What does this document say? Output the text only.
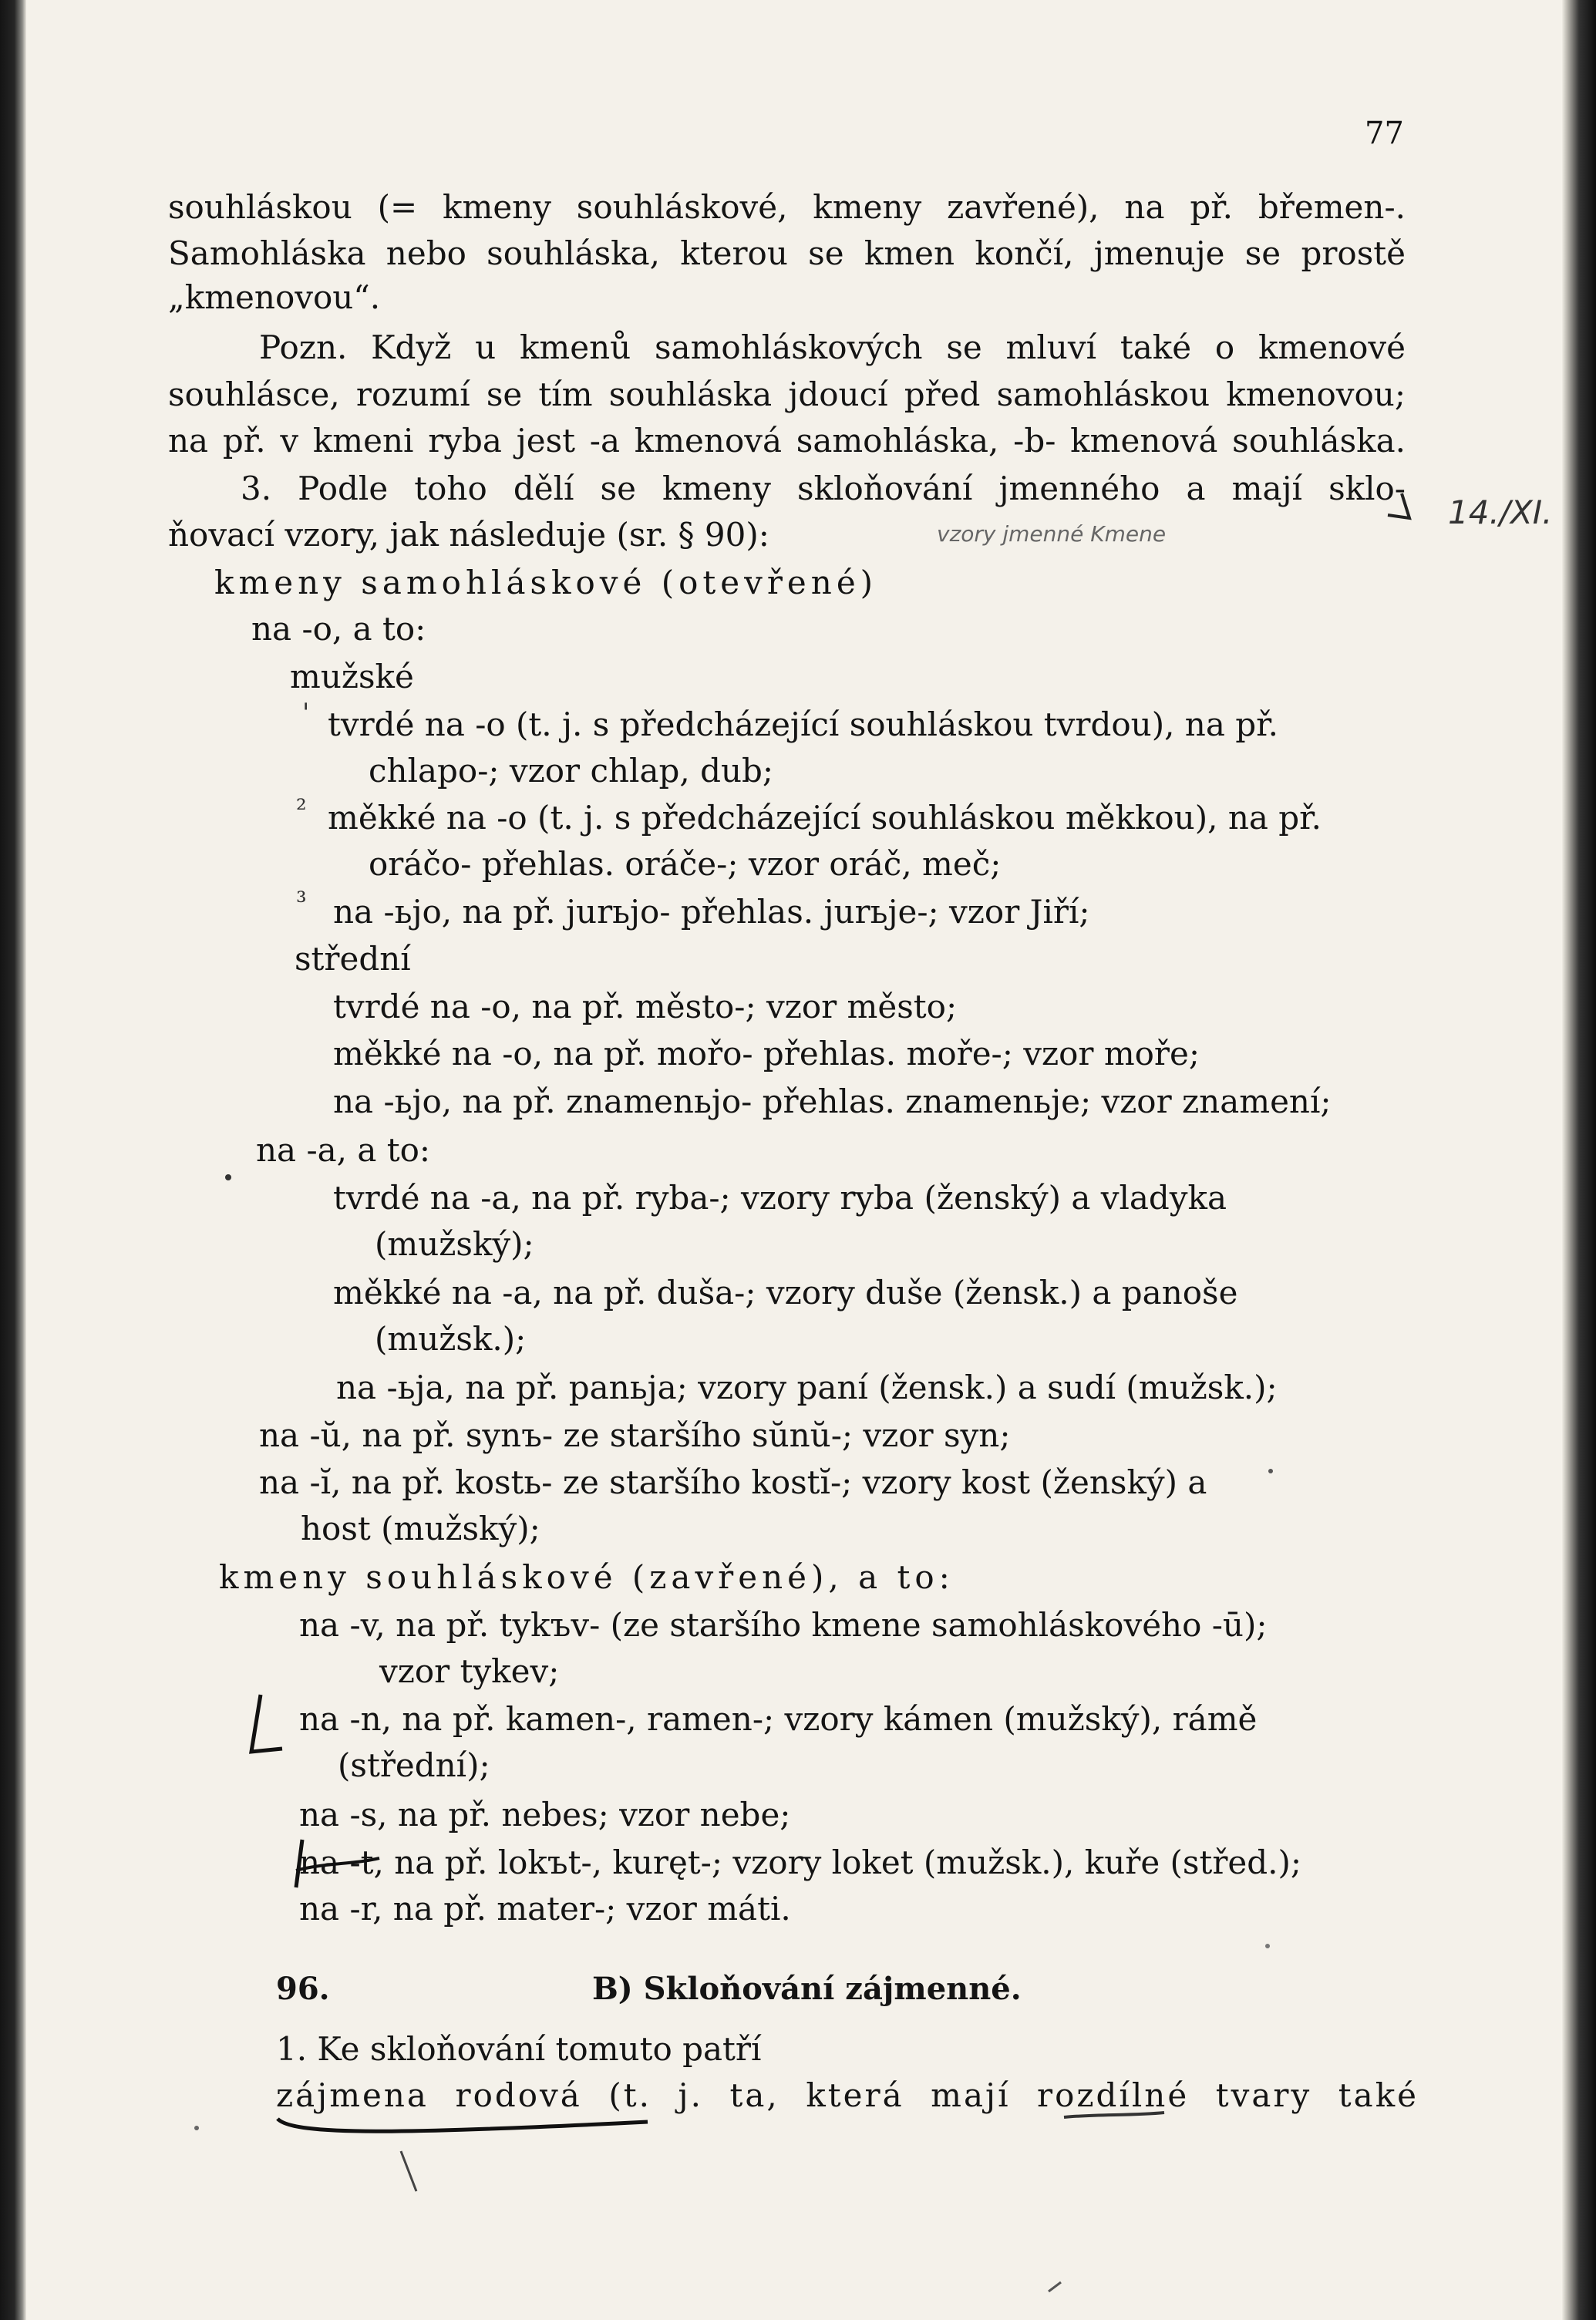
77
souhláskou (= kmeny souhláskové, kmeny zavřené), na př. břemen-.
Samohláska nebo souhláska, kterou se kmen končí, jmenuje se prostě
„kmenovou“.
Pozn. Když u kmenů samohláskových se mluví také o kmenové
souhlásce, rozumí se tím souhláska jdoucí před samohláskou kmenovou;
na př. v kmeni ryba jest -a kmenová samohláska, -b- kmenová souhláska.
3. Podle toho dělí se kmeny skloňování jmenného a mají sklo-
ňovací vzory, jak následuje (sr. § 90):
kmeny samohláskové (otevřené)
na -o, a to:
mužské
tvrdé na -o (t. j. s předcházející souhláskou tvrdou), na př.
chlapo-; vzor chlap, dub;
měkké na -o (t. j. s předcházející souhláskou měkkou), na př.
oráčo- přehlas. oráče-; vzor oráč, meč;
na -ьjo, na př. jurьjo- přehlas. jurьje-; vzor Jiří;
střední
tvrdé na -o, na př. město-; vzor město;
měkké na -o, na př. mořo- přehlas. moře-; vzor moře;
na -ьjo, na př. znamenьjo- přehlas. znamenьje; vzor znamení;
na -a, a to:
tvrdé na -a, na př. ryba-; vzory ryba (ženský) a vladyka
(mužský);
měkké na -a, na př. duša-; vzory duše (žensk.) a panoše
(mužsk.);
na -ьja, na př. panьja; vzory paní (žensk.) a sudí (mužsk.);
na -ŭ, na př. synъ- ze staršího sŭnŭ-; vzor syn;
na -ĭ, na př. kostь- ze staršího kostĭ-; vzory kost (ženský) a
host (mužský);
kmeny souhláskové (zavřené), a to:
na -v, na př. tykъv- (ze staršího kmene samohláskového -ū);
vzor tykev;
na -n, na př. kamen-, ramen-; vzory kámen (mužský), rámě
(střední);
na -s, na př. nebes; vzor nebe;
na -t, na př. lokъt-, kuręt-; vzory loket (mužsk.), kuře (střed.);
na -r, na př. mater-; vzor máti.
96.	B) Skloňování zájmenné.
1. Ke skloňování tomuto patří
zájmena rodová (t. j. ta, která mají rozdílné tvary také
14./XI.
vzory jmenné Kmene
'
²
³
